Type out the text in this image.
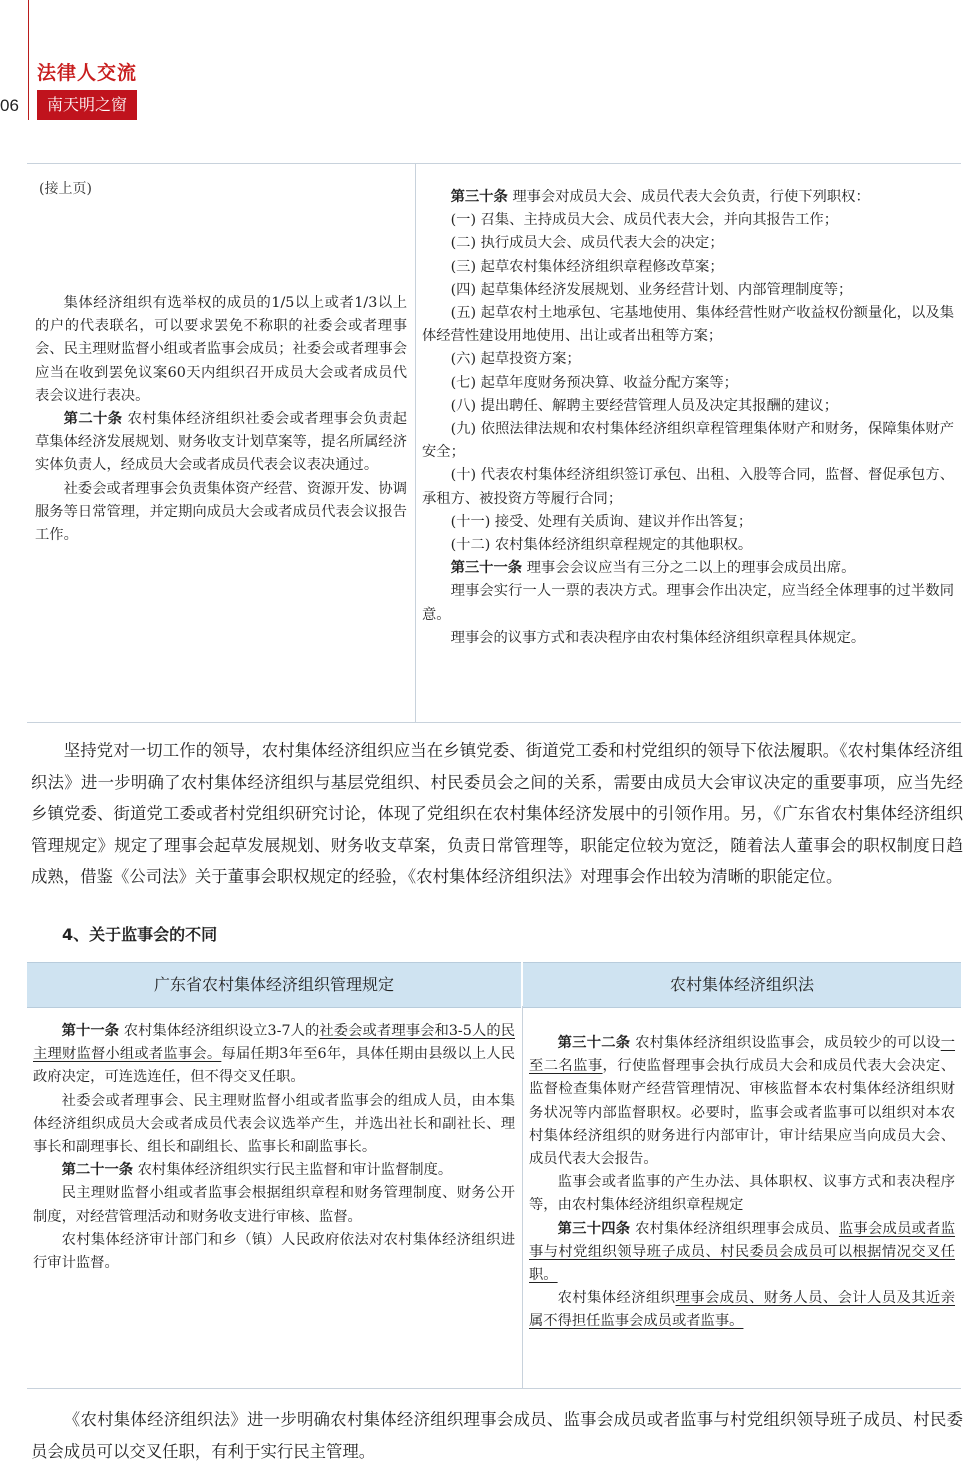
06
法律人交流
南天明之窗
(接上页)

集体经济组织有选举权的成员的1/5以上或者1/3以上的户的代表联名，可以要求罢免不称职的社委会或者理事会、民主理财监督小组或者监事会成员；社委会或者理事会应当在收到罢免议案60天内组织召开成员大会或者成员代表会议进行表决。

第二十条 农村集体经济组织社委会或者理事会负责起草集体经济发展规划、财务收支计划草案等，提名所属经济实体负责人，经成员大会或者成员代表会议表决通过。

社委会或者理事会负责集体资产经营、资源开发、协调服务等日常管理，并定期向成员大会或者成员代表会议报告工作。

第三十条 理事会对成员大会、成员代表大会负责，行使下列职权：

(一) 召集、主持成员大会、成员代表大会，并向其报告工作；

(二) 执行成员大会、成员代表大会的决定；

(三) 起草农村集体经济组织章程修改草案；

(四) 起草集体经济发展规划、业务经营计划、内部管理制度等；

(五) 起草农村土地承包、宅基地使用、集体经营性财产收益权份额量化，以及集体经营性建设用地使用、出让或者出租等方案；

(六) 起草投资方案；

(七) 起草年度财务预决算、收益分配方案等；

(八) 提出聘任、解聘主要经营管理人员及决定其报酬的建议；

(九) 依照法律法规和农村集体经济组织章程管理集体财产和财务，保障集体财产安全；

(十) 代表农村集体经济组织签订承包、出租、入股等合同，监督、督促承包方、承租方、被投资方等履行合同；

(十一) 接受、处理有关质询、建议并作出答复；

(十二) 农村集体经济组织章程规定的其他职权。

第三十一条 理事会会议应当有三分之二以上的理事会成员出席。

理事会实行一人一票的表决方式。理事会作出决定，应当经全体理事的过半数同意。

理事会的议事方式和表决程序由农村集体经济组织章程具体规定。

坚持党对一切工作的领导，农村集体经济组织应当在乡镇党委、街道党工委和村党组织的领导下依法履职。《农村集体经济组织法》进一步明确了农村集体经济组织与基层党组织、村民委员会之间的关系，需要由成员大会审议决定的重要事项，应当先经乡镇党委、街道党工委或者村党组织研究讨论，体现了党组织在农村集体经济发展中的引领作用。另，《广东省农村集体经济组织管理规定》规定了理事会起草发展规划、财务收支草案，负责日常管理等，职能定位较为宽泛，随着法人董事会的职权制度日趋成熟，借鉴《公司法》关于董事会职权规定的经验，《农村集体经济组织法》对理事会作出较为清晰的职能定位。

4、关于监事会的不同
广东省农村集体经济组织管理规定	农村集体经济组织法

第十一条 农村集体经济组织设立3-7人的社委会或者理事会和3-5人的民主理财监督小组或者监事会。每届任期3年至6年，具体任期由县级以上人民政府决定，可连选连任，但不得交叉任职。

社委会或者理事会、民主理财监督小组或者监事会的组成人员，由本集体经济组织成员大会或者成员代表会议选举产生，并选出社长和副社长、理事长和副理事长、组长和副组长、监事长和副监事长。

第二十一条 农村集体经济组织实行民主监督和审计监督制度。

民主理财监督小组或者监事会根据组织章程和财务管理制度、财务公开制度，对经营管理活动和财务收支进行审核、监督。

农村集体经济审计部门和乡（镇）人民政府依法对农村集体经济组织进行审计监督。

第三十二条 农村集体经济组织设监事会，成员较少的可以设一至二名监事，行使监督理事会执行成员大会和成员代表大会决定、监督检查集体财产经营管理情况、审核监督本农村集体经济组织财务状况等内部监督职权。必要时，监事会或者监事可以组织对本农村集体经济组织的财务进行内部审计，审计结果应当向成员大会、成员代表大会报告。

监事会或者监事的产生办法、具体职权、议事方式和表决程序等，由农村集体经济组织章程规定

第三十四条 农村集体经济组织理事会成员、监事会成员或者监事与村党组织领导班子成员、村民委员会成员可以根据情况交叉任职。

农村集体经济组织理事会成员、财务人员、会计人员及其近亲属不得担任监事会成员或者监事。

《农村集体经济组织法》进一步明确农村集体经济组织理事会成员、监事会成员或者监事与村党组织领导班子成员、村民委员会成员可以交叉任职，有利于实行民主管理。
